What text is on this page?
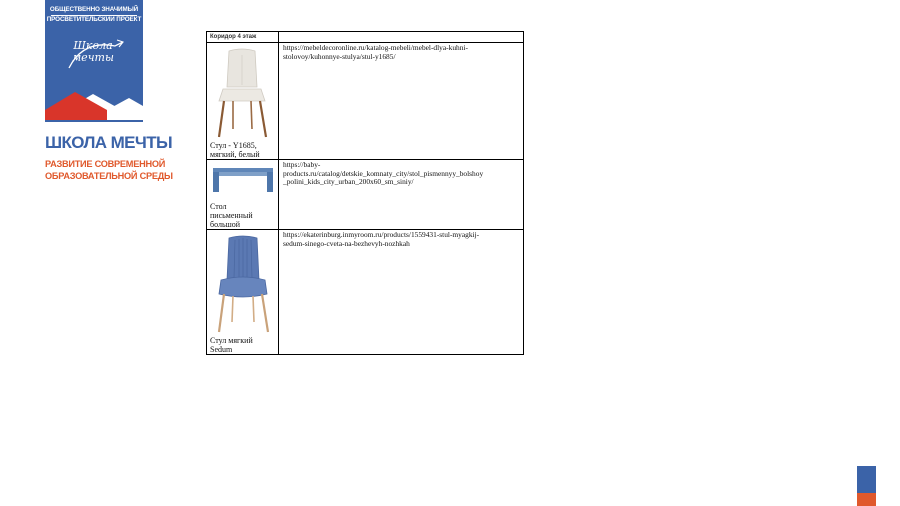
ОБЩЕСТВЕННО ЗНАЧИМЫЙ
ПРОСВЕТИТЕЛЬСКИЙ ПРОЕКТ
Школа
мечты
ШКОЛА МЕЧТЫ
РАЗВИТИЕ СОВРЕМЕННОЙ
ОБРАЗОВАТЕЛЬНОЙ СРЕДЫ
Коридор 4 этаж	

Стул - Y1685,
мягкий, белый	https://mebeldecoronline.ru/katalog-mebeli/mebel-dlya-kuhni-
stolovoy/kuhonnye-stulya/stul-y1685/

Стол
письменный
большой	https://baby-
products.ru/catalog/detskie_komnaty_city/stol_pismennyy_bolshoy
_polini_kids_city_urban_200x60_sm_siniy/

Стул мягкий
Sedum	https://ekaterinburg.inmyroom.ru/products/1559431-stul-myagkij-
sedum-sinego-cveta-na-bezhevyh-nozhkah
